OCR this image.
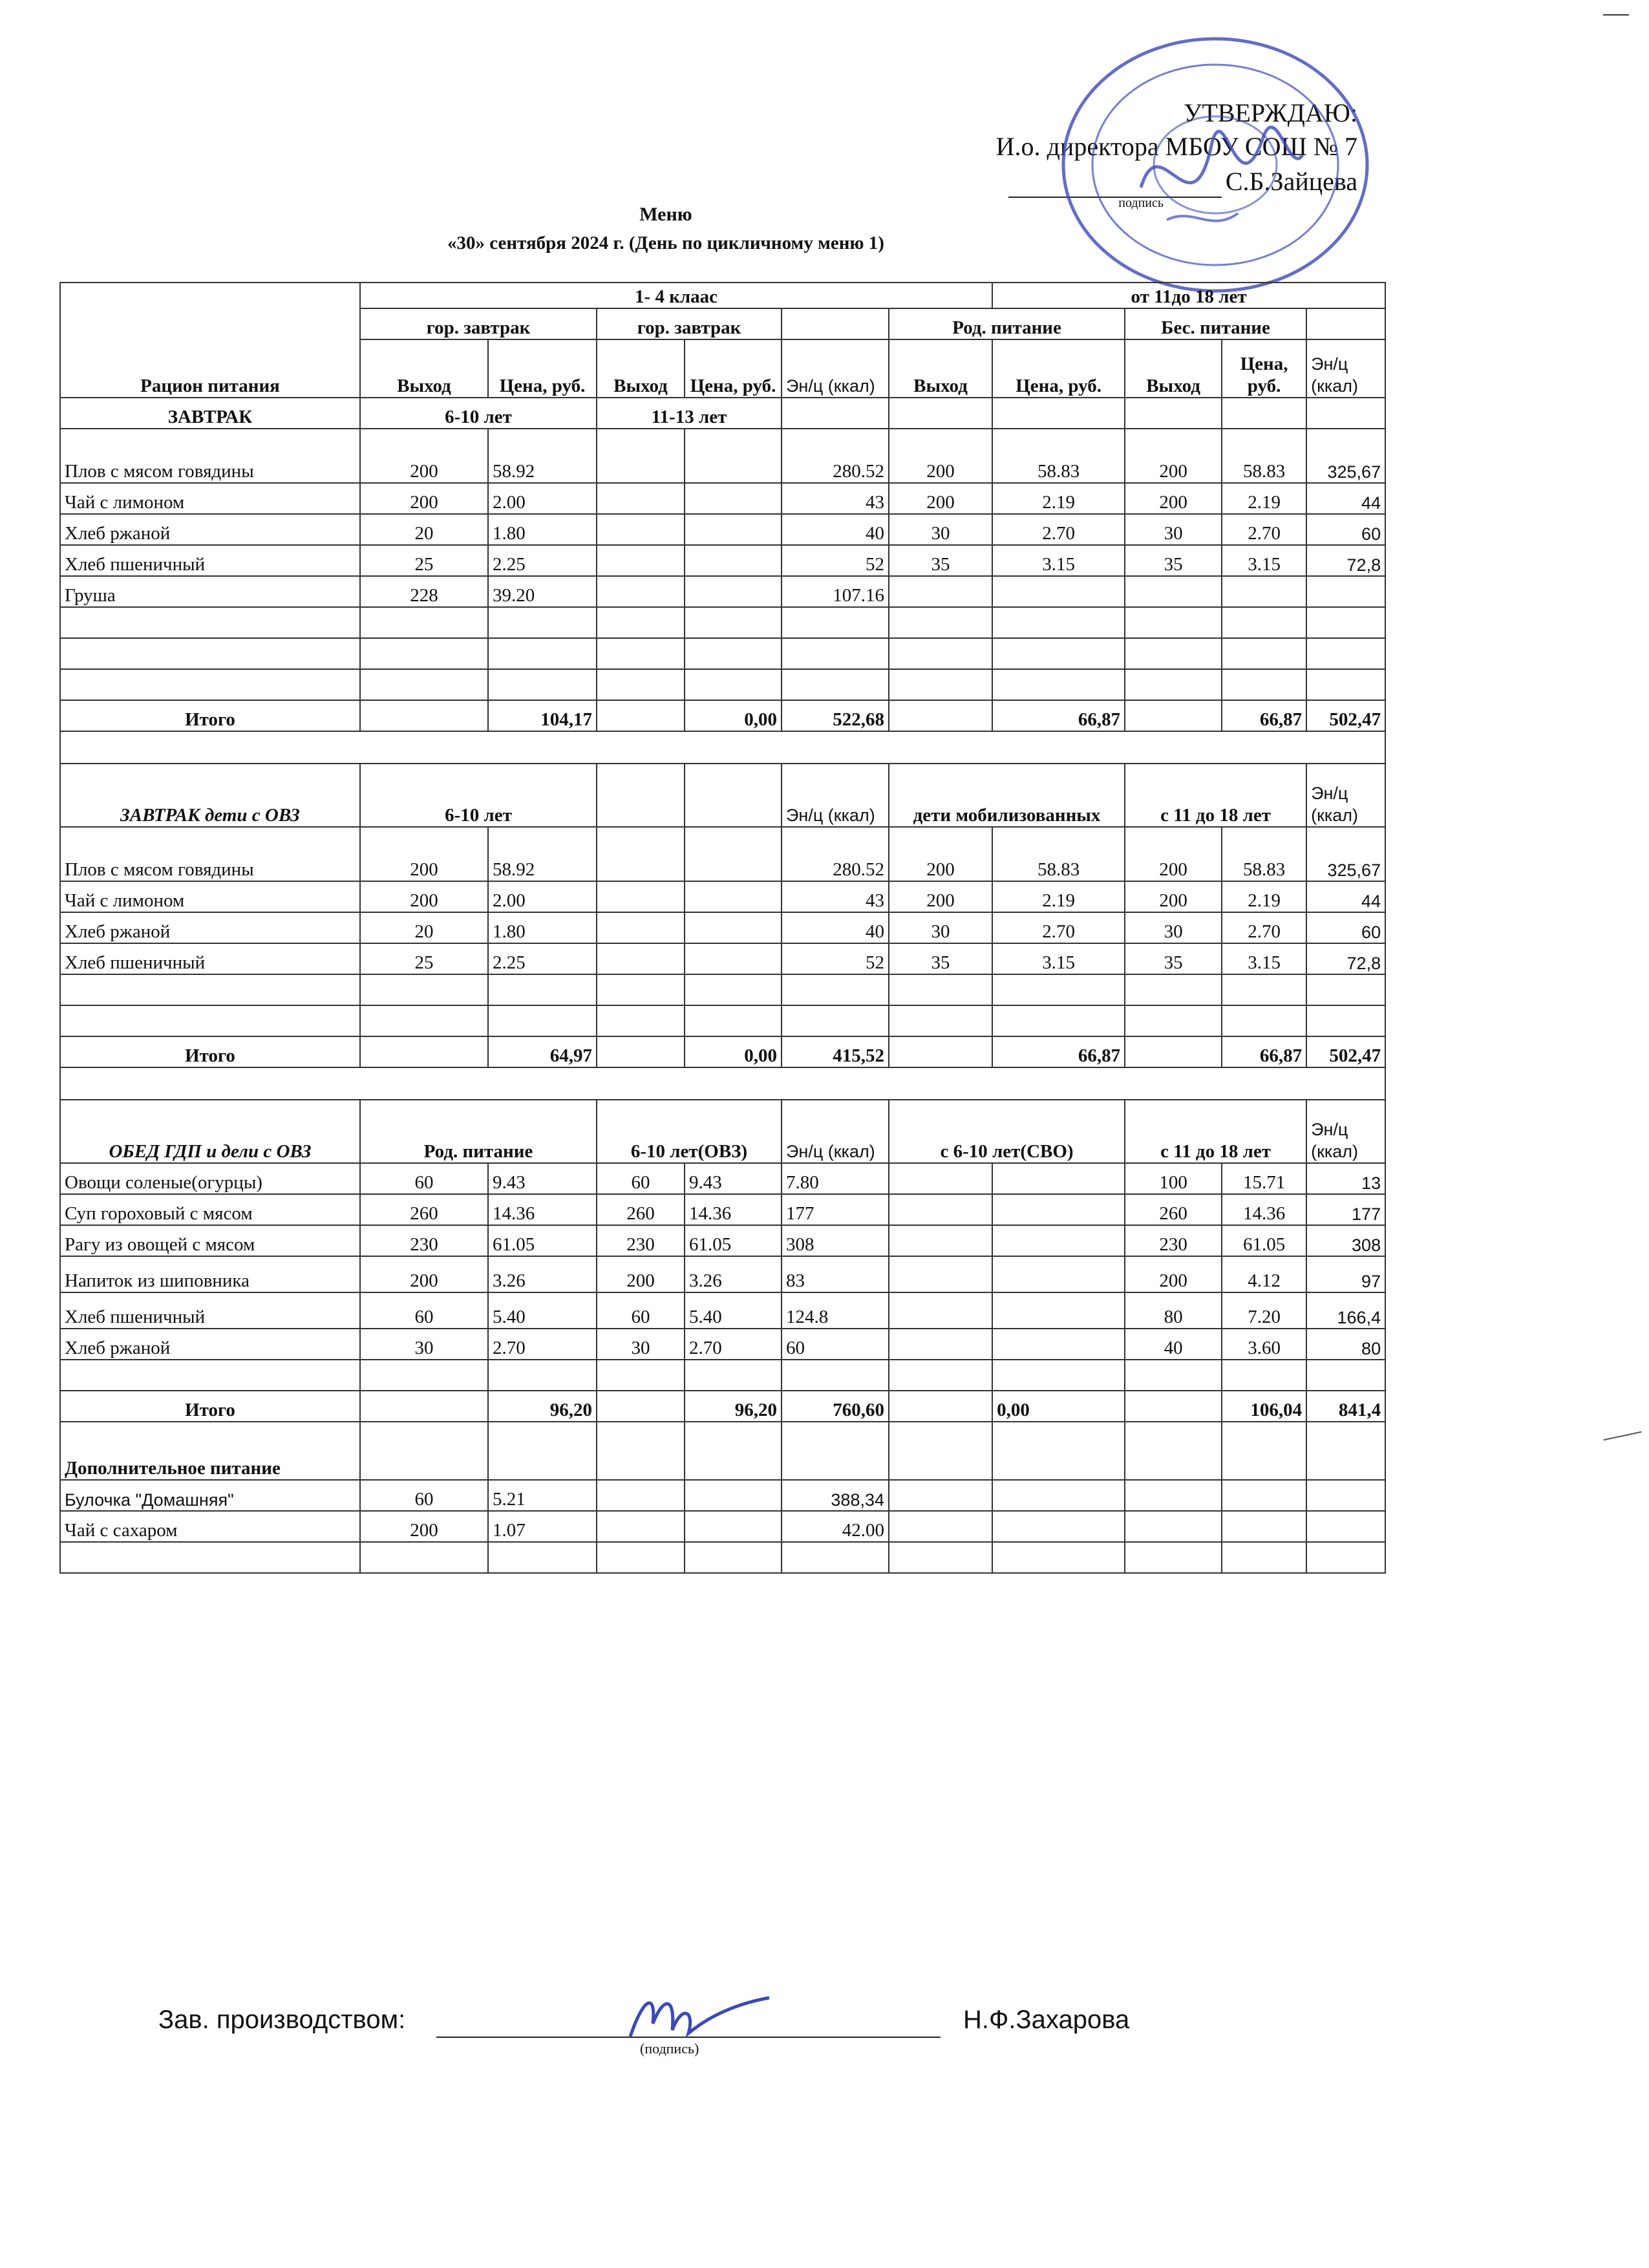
УТВЕРЖДАЮ:
И.о. директора МБОУ СОШ № 7
С.Б.Зайцева
подпись
Меню
«30» сентября 2024 г. (День по цикличному меню 1)
Рацион питания	1- 4 клаас						от 11до 18 лет			
	гор. завтрак		гор. завтрак			Род. питание		Бес. питание		
	Выход	Цена, руб.	Выход	Цена, руб.	Эн/ц (ккал)	Выход	Цена, руб.	Выход	Цена, руб.	Эн/ц (ккал)

ЗАВТРАК	6-10 лет		11-13 лет							
Плов с мясом говядины	200	58.92			280.52	200	58.83	200	58.83	325,67
Чай с лимоном	200	2.00			43	200	2.19	200	2.19	44
Хлеб ржаной	20	1.80			40	30	2.70	30	2.70	60
Хлеб пшеничный	25	2.25			52	35	3.15	35	3.15	72,8
Груша	228	39.20			107.16					

Итого		104,17		0,00	522,68		66,87		66,87	502,47

ЗАВТРАК дети с ОВЗ	6-10 лет				Эн/ц (ккал)	дети мобилизованных		с 11 до 18 лет		Эн/ц (ккал)

Плов с мясом говядины	200	58.92			280.52	200	58.83	200	58.83	325,67
Чай с лимоном	200	2.00			43	200	2.19	200	2.19	44
Хлеб ржаной	20	1.80			40	30	2.70	30	2.70	60
Хлеб пшеничный	25	2.25			52	35	3.15	35	3.15	72,8

Итого		64,97		0,00	415,52		66,87		66,87	502,47

ОБЕД ГДП и дели с ОВЗ	Род. питание		6-10 лет(ОВЗ)		Эн/ц (ккал)	с 6-10 лет(СВО)		с 11 до 18 лет		Эн/ц (ккал)

Овощи соленые(огурцы)	60	9.43	60	9.43	7.80			100	15.71	13
Суп гороховый с мясом	260	14.36	260	14.36	177			260	14.36	177
Рагу из овощей с мясом	230	61.05	230	61.05	308			230	61.05	308
Напиток из шиповника	200	3.26	200	3.26	83			200	4.12	97
Хлеб пшеничный	60	5.40	60	5.40	124.8			80	7.20	166,4
Хлеб ржаной	30	2.70	30	2.70	60			40	3.60	80

Итого		96,20		96,20	760,60		0,00		106,04	841,4
Дополнительное питание										
Булочка "Домашняя"	60	5.21			388,34					
Чай с сахаром	200	1.07			42.00					

Зав. производством:
(подпись)
Н.Ф.Захарова
